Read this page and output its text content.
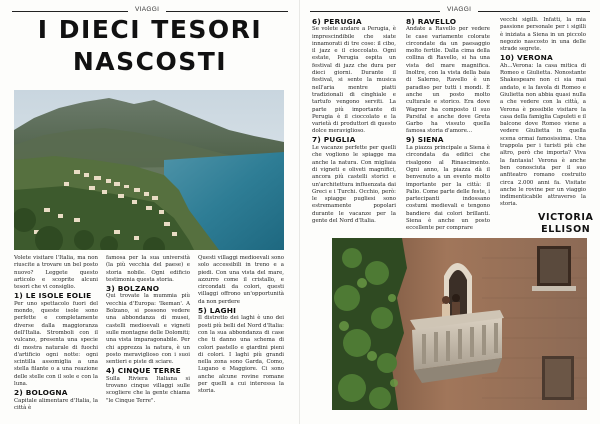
VIAGGI
I DIECI TESORI
NASCOSTI

Volete visitare l'Italia, ma non riuscite a trovare un bel posto nuovo? Leggete questo articolo e scoprite alcuni tesori che vi consiglio.

1) LE ISOLE EOLIE

Per uno spettacolo fuori del mondo, queste isole sono perfette e completamente diverse dalla maggioranza dell'Italia. Stromboli con il vulcano, presenta una specie di mostra naturale di fuochi d'artificio ogni notte: ogni scintilla assomiglia a una stella filante o a una reazione delle stelle con il sole e con la luna.

2) BOLOGNA

Capitale alimentare d'Italia, la città è

famosa per la sua università (la più vecchia del paese) e storia nobile. Ogni edificio testimonia questa storia.

3) BOLZANO

Qui trovate la mummia più vecchia d'Europa: 'Ikeman'. A Bolzano, si possono vedere una abbondanza di musei, castelli medioevali e vigneti sulle montagne delle Dolomiti; una vista imparagonabile. Per chi apprezza la natura, è un posto meraviglioso con i suoi sentieri e piste di sciare.

4) CINQUE TERRE

Sulla Riviera Italiana si trovano cinque villaggi sulle scogliere che la gente chiama "le Cinque Terre".

Questi villaggi medioevali sono solo accessibili in treno e a piedi. Con una vista del mare, azzurro come il cristallo, e circondati da colori, questi villaggi offrono un'opportunità da non perdere

5) LAGHI

Il distretto dei laghi è uno dei posti più belli del Nord d'Italia: con la sua abbondanza di case che ti danno una schema di colori pastello e giardini pieni di colori. I laghi più grandi nella zona sono Garda, Como, Lugano e Maggiore. Ci sono anche alcune rovine romane per quelli a cui interessa la storia.

VIAGGI
6) PERUGIA

Se volete andare a Perugia, è imprescindibile che siate innamorati di tre cose: il cibo, il jazz e il cioccolato. Ogni estate, Perugia ospita un festival di jazz che dura per dieci giorni. Durante il festival, si sente la musica nell'aria mentre piatti tradizionali di cinghiale e tartufo vengono serviti. La parte più importante di Perugia è il cioccolato e la varietà di produttori di questo dolce meraviglioso.

7) PUGLIA

Le vacanze perfette per quelli che vogliono le spiagge ma anche la natura. Con migliaia di vigneti e oliveti magnifici, ancora più castelli storici e un'architettura influenzata dai Greci e i Turchi. Occhio, però: le spiagge pugliesi sono estremamente popolari durante le vacanze per la gente del Nord d'Italia.

8) RAVELLO

Andate a Ravello per vedere le case variamente colorate circondate da un paesaggio molto fertile. Dalla cima della collina di Ravello, si ha una vista del mare magnifica. Inoltre, con la vista della baia di Salerno, Ravello è un paradiso per tutti i mondi. È anche un posto molto culturale e storico. Era dove Wagner ha composto il suo Parsifal e anche dove Greta Garbo ha vissuto quella famosa storia d'amore...

9) SIENA

La piazza principale a Siena è circondata da edifici che risalgono al Rinascimento. Ogni anno, la piazza dà il benvenuto a un evento molto importante per la città: il Palio. Come parte delle feste, i partecipanti indossano costumi medievali e tengono bandiere dai colori brillanti. Siena è anche un posto eccellente per comprare

vecchi sigilli. Infatti, la mia passione personale per i sigilli è iniziata a Siena in un piccolo negozio nascosto in una delle strade segrete.

10) VERONA

Ah...Verona: la casa mitica di Romeo e Giulietta. Nonostante Shakespeare non ci sia mai andato, e la favola di Romeo e Giulietta non abbia quasi nulla a che vedere con la città, a Verona è possibile visitare la casa della famiglia Capuleti e il balcone dove Romeo viene a vedere Giulietta in quella scena ormai famosissima. Una trappola per i turisti più che altro, però che importa? Viva la fantasia! Verona è anche ben conosciuta per il suo anfiteatro romano costruito circa 2.000 anni fa. Visitate anche le rovine per un viaggio indimenticabile attraverso la storia.

VICTORIA
ELLISON
